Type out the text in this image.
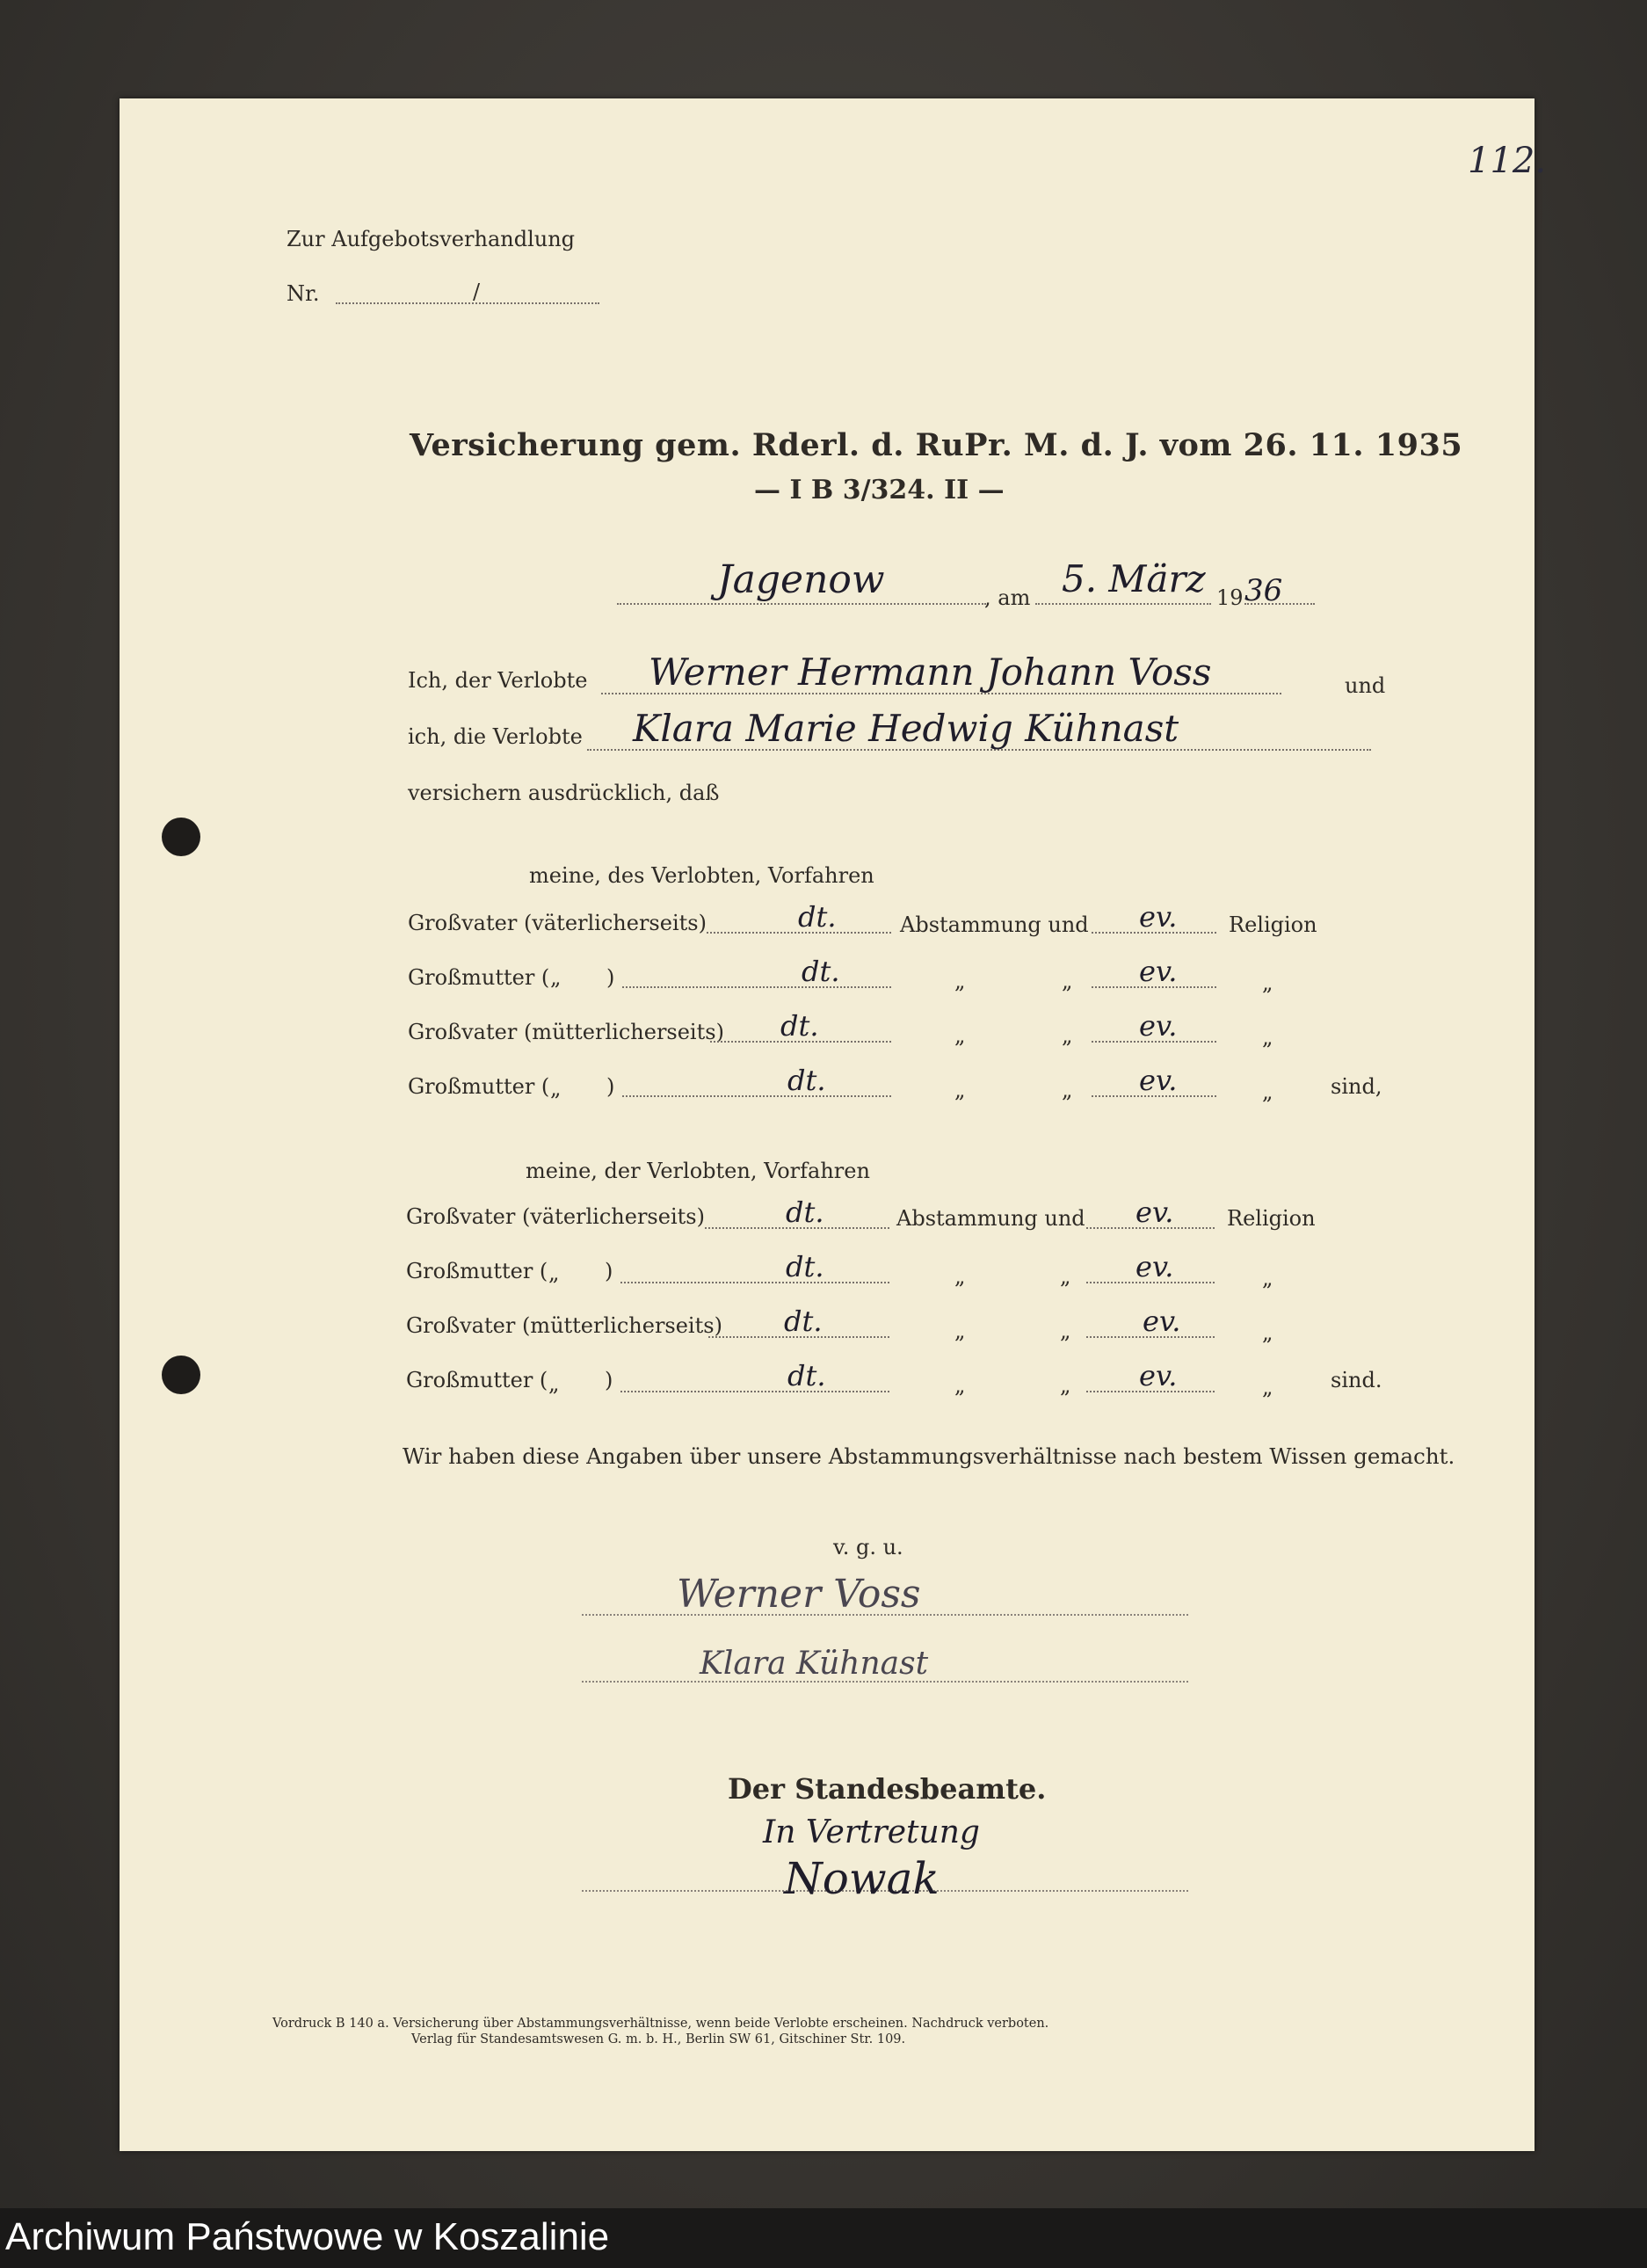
112.
Zur Aufgebotsverhandlung
Nr.	/
Versicherung gem. Rderl. d. RuPr. M. d. J. vom 26. 11. 1935
— I B 3/324. II —
Jagenow	, am 5. März 19 36
Ich, der Verlobte Werner Hermann Johann Voss	und
ich, die Verlobte Klara Marie Hedwig Kühnast
versichern ausdrücklich, daß
meine, des Verlobten, Vorfahren
Großvater (väterlicherseits)	dt.	Abstammung und ev. Religion
Großmutter ( „ )	dt.	„	„ ev.	„
Großvater (mütterlicherseits) dt.	„	„ ev.	„
Großmutter ( „ )	dt.	„	„ ev.	„	sind,
meine, der Verlobten, Vorfahren
Großvater (väterlicherseits)	dt.	Abstammung und ev.	Religion
Großmutter ( „ )	dt.	„	„ ev.	„
Großvater (mütterlicherseits) dt.	„	„	ev.	„
Großmutter ( „ )	dt.	„	„ ev.	„	sind.
Wir haben diese Angaben über unsere Abstammungsverhältnisse nach bestem Wissen gemacht.
v. g. u.
Werner Voss
Klara Kühnast
Der Standesbeamte.
In Vertretung
Nowak
Vordruck B 140 a. Versicherung über Abstammungsverhältnisse, wenn beide Verlobte erscheinen. Nachdruck verboten.
Verlag für Standesamtswesen G. m. b. H., Berlin SW 61, Gitschiner Str. 109.
Archiwum Państwowe w Koszalinie
